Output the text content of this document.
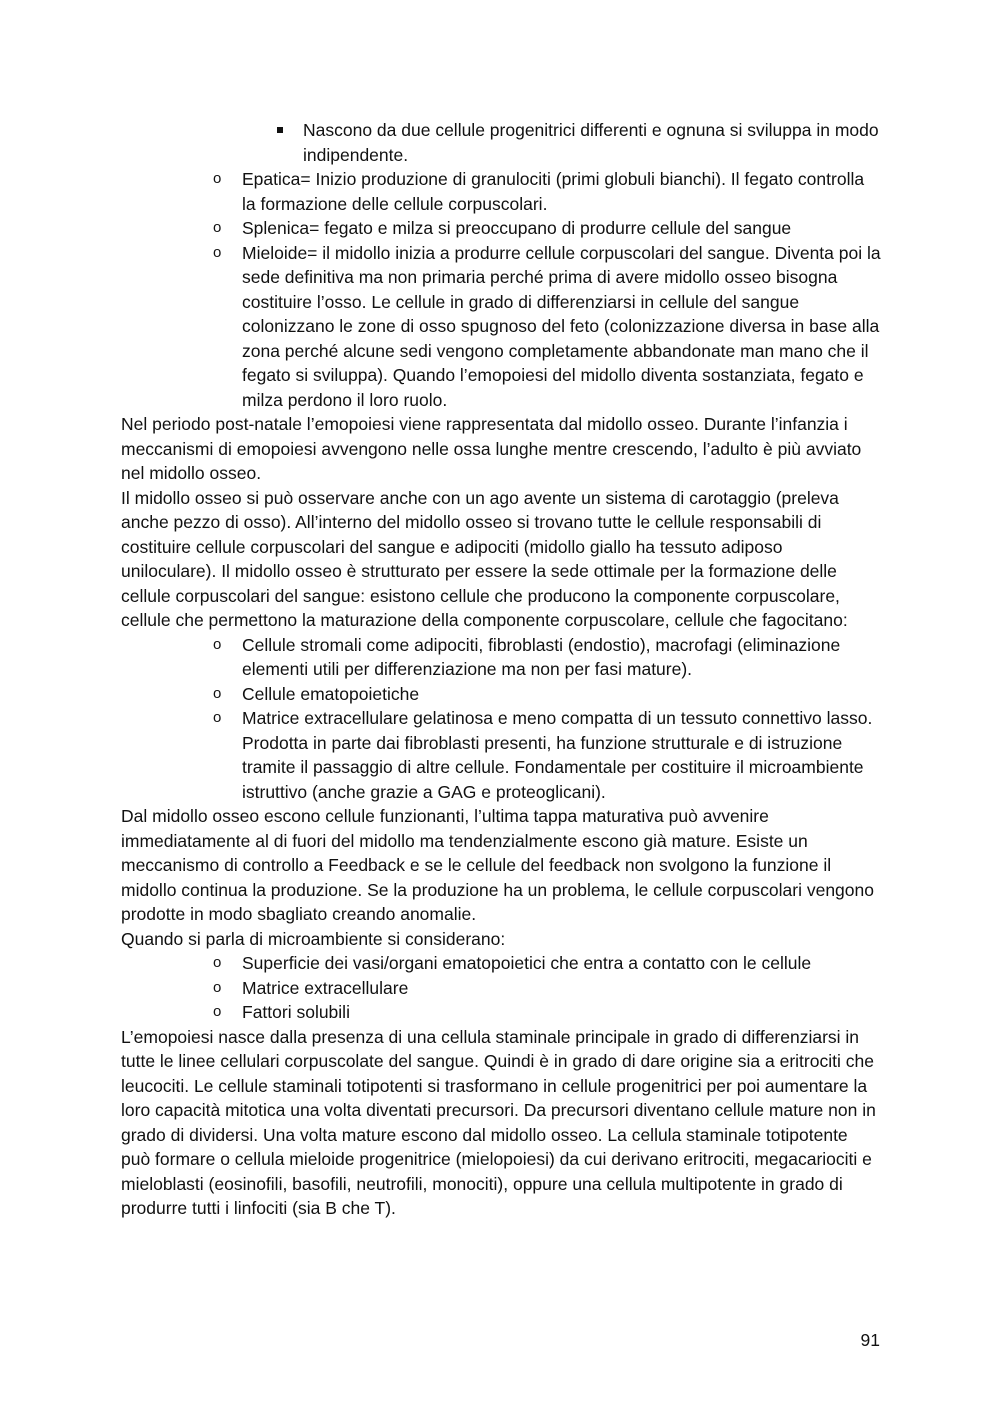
Nascono da due cellule progenitrici differenti e ognuna si sviluppa in modo indipendente.
o Epatica= Inizio produzione di granulociti (primi globuli bianchi). Il fegato controlla la formazione delle cellule corpuscolari.
o Splenica= fegato e milza si preoccupano di produrre cellule del sangue
o Mieloide= il midollo inizia a produrre cellule corpuscolari del sangue. Diventa poi la sede definitiva ma non primaria perché prima di avere midollo osseo bisogna costituire l’osso. Le cellule in grado di differenziarsi in cellule del sangue colonizzano le zone di osso spugnoso del feto (colonizzazione diversa in base alla zona perché alcune sedi vengono completamente abbandonate man mano che il fegato si sviluppa). Quando l’emopoiesi del midollo diventa sostanziata, fegato e milza perdono il loro ruolo.

Nel periodo post-natale l’emopoiesi viene rappresentata dal midollo osseo. Durante l’infanzia i meccanismi di emopoiesi avvengono nelle ossa lunghe mentre crescendo, l’adulto è più avviato nel midollo osseo.

Il midollo osseo si può osservare anche con un ago avente un sistema di carotaggio (preleva anche pezzo di osso). All’interno del midollo osseo si trovano tutte le cellule responsabili di costituire cellule corpuscolari del sangue e adipociti (midollo giallo ha tessuto adiposo uniloculare). Il midollo osseo è strutturato per essere la sede ottimale per la formazione delle cellule corpuscolari del sangue: esistono cellule che producono la componente corpuscolare, cellule che permettono la maturazione della componente corpuscolare, cellule che fagocitano:

o Cellule stromali come adipociti, fibroblasti (endostio), macrofagi (eliminazione elementi utili per differenziazione ma non per fasi mature).
o Cellule ematopoietiche
o Matrice extracellulare gelatinosa e meno compatta di un tessuto connettivo lasso. Prodotta in parte dai fibroblasti presenti, ha funzione strutturale e di istruzione tramite il passaggio di altre cellule. Fondamentale per costituire il microambiente istruttivo (anche grazie a GAG e proteoglicani).

Dal midollo osseo escono cellule funzionanti, l’ultima tappa maturativa può avvenire immediatamente al di fuori del midollo ma tendenzialmente escono già mature. Esiste un meccanismo di controllo a Feedback e se le cellule del feedback non svolgono la funzione il midollo continua la produzione. Se la produzione ha un problema, le cellule corpuscolari vengono prodotte in modo sbagliato creando anomalie.

Quando si parla di microambiente si considerano:

o Superficie dei vasi/organi ematopoietici che entra a contatto con le cellule
o Matrice extracellulare
o Fattori solubili

L’emopoiesi nasce dalla presenza di una cellula staminale principale in grado di differenziarsi in tutte le linee cellulari corpuscolate del sangue. Quindi è in grado di dare origine sia a eritrociti che leucociti. Le cellule staminali totipotenti si trasformano in cellule progenitrici per poi aumentare la loro capacità mitotica una volta diventati precursori. Da precursori diventano cellule mature non in grado di dividersi. Una volta mature escono dal midollo osseo. La cellula staminale totipotente può formare o cellula mieloide progenitrice (mielopoiesi) da cui derivano eritrociti, megacariociti e mieloblasti (eosinofili, basofili, neutrofili, monociti), oppure una cellula multipotente in grado di produrre tutti i linfociti (sia B che T).

91
